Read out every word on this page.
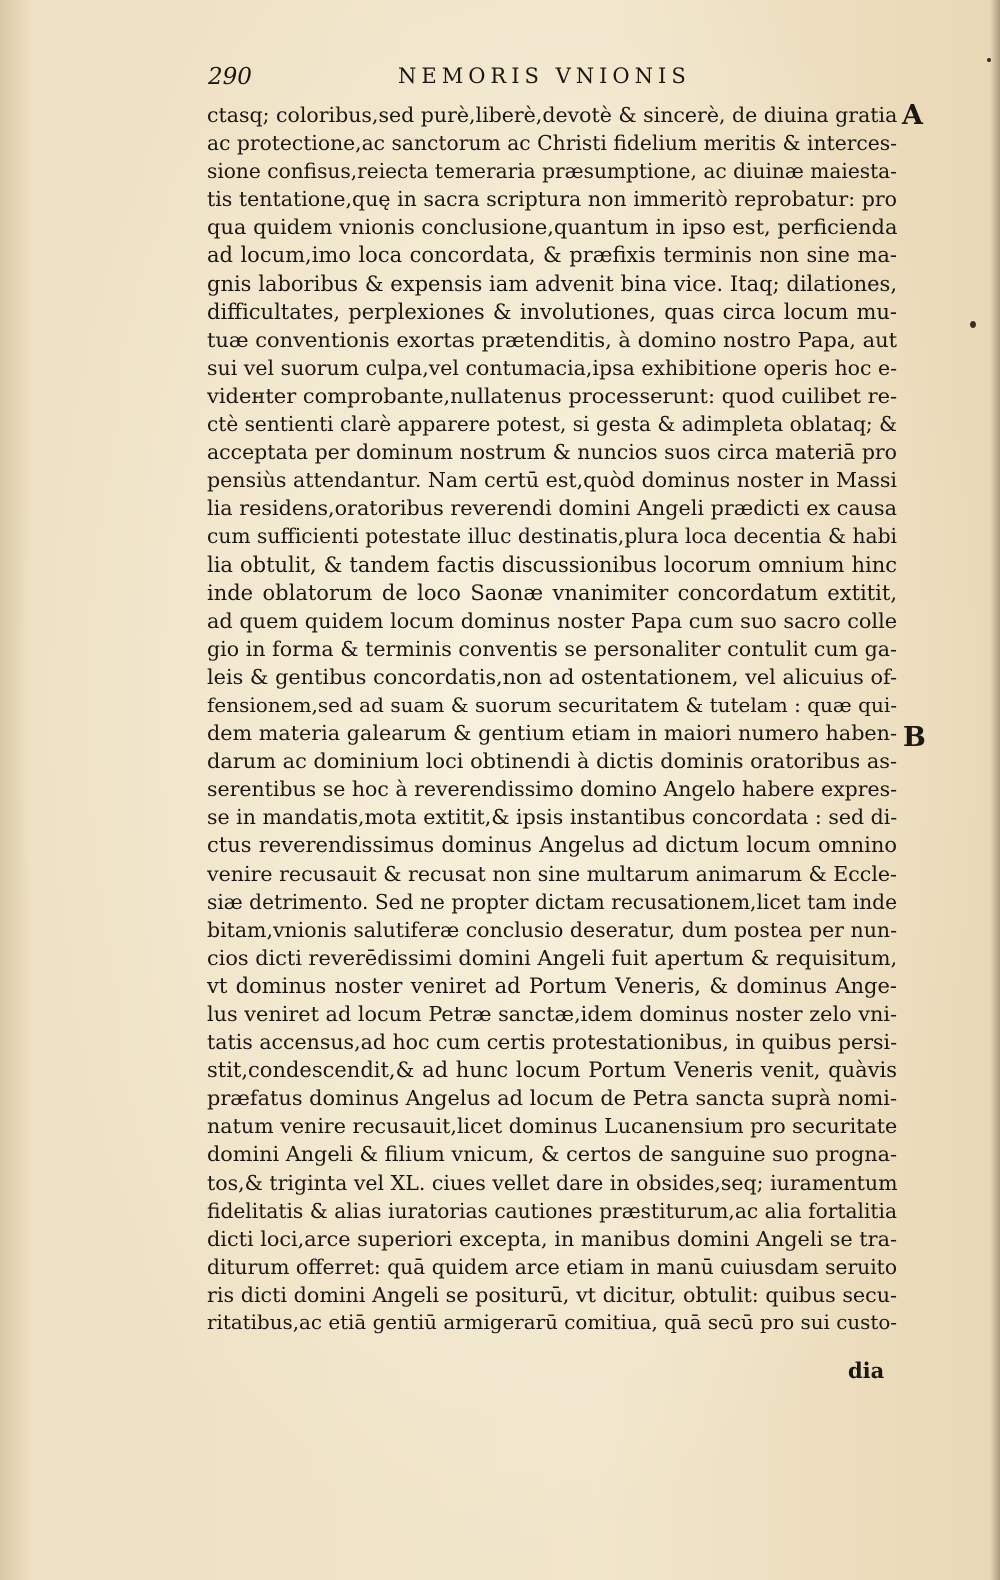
290	NEMORIS VNIONIS
A
B
ctasq; coloribus,sed purè,liberè,devotè & sincerè, de diuina gratia
ac protectione,ac sanctorum ac Christi fidelium meritis & interces-
sione confisus,reiecta temeraria præsumptione, ac diuinæ maiesta-
tis tentatione,quę in sacra scriptura non immeritò reprobatur: pro
qua quidem vnionis conclusione,quantum in ipso est, perficienda
ad locum,imo loca concordata, & præfixis terminis non sine ma-
gnis laboribus & expensis iam advenit bina vice. Itaq; dilationes,
difficultates, perplexiones & involutiones, quas circa locum mu-
tuæ conventionis exortas prætenditis, à domino nostro Papa, aut
sui vel suorum culpa,vel contumacia,ipsa exhibitione operis hoc e-
vidенter comprobante,nullatenus processerunt: quod cuilibet re-
ctè sentienti clarè apparere potest, si gesta & adimpleta oblataq; &
acceptata per dominum nostrum & nuncios suos circa materiā pro
pensiùs attendantur. Nam certū est,quòd dominus noster in Massi
lia residens,oratoribus reverendi domini Angeli prædicti ex causa
cum sufficienti potestate illuc destinatis,plura loca decentia & habi
lia obtulit, & tandem factis discussionibus locorum omnium hinc
inde oblatorum de loco Saonæ vnanimiter concordatum extitit,
ad quem quidem locum dominus noster Papa cum suo sacro colle
gio in forma & terminis conventis se personaliter contulit cum ga-
leis & gentibus concordatis,non ad ostentationem, vel alicuius of-
fensionem,sed ad suam & suorum securitatem & tutelam : quæ qui-
dem materia galearum & gentium etiam in maiori numero haben-
darum ac dominium loci obtinendi à dictis dominis oratoribus as-
serentibus se hoc à reverendissimo domino Angelo habere expres-
se in mandatis,mota extitit,& ipsis instantibus concordata : sed di-
ctus reverendissimus dominus Angelus ad dictum locum omnino
venire recusauit & recusat non sine multarum animarum & Eccle-
siæ detrimento. Sed ne propter dictam recusationem,licet tam inde
bitam,vnionis salutiferæ conclusio deseratur, dum postea per nun-
cios dicti reverēdissimi domini Angeli fuit apertum & requisitum,
vt dominus noster veniret ad Portum Veneris, & dominus Ange-
lus veniret ad locum Petræ sanctæ,idem dominus noster zelo vni-
tatis accensus,ad hoc cum certis protestationibus, in quibus persi-
stit,condescendit,& ad hunc locum Portum Veneris venit, quàvis
præfatus dominus Angelus ad locum de Petra sancta suprà nomi-
natum venire recusauit,licet dominus Lucanensium pro securitate
domini Angeli & filium vnicum, & certos de sanguine suo progna-
tos,& triginta vel XL. ciues vellet dare in obsides,seq; iuramentum
fidelitatis & alias iuratorias cautiones præstiturum,ac alia fortalitia
dicti loci,arce superiori excepta, in manibus domini Angeli se tra-
diturum offerret: quā quidem arce etiam in manū cuiusdam seruito
ris dicti domini Angeli se positurū, vt dicitur, obtulit: quibus secu-
ritatibus,ac etiā gentiū armigerarū comitiua, quā secū pro sui custo-
dia
